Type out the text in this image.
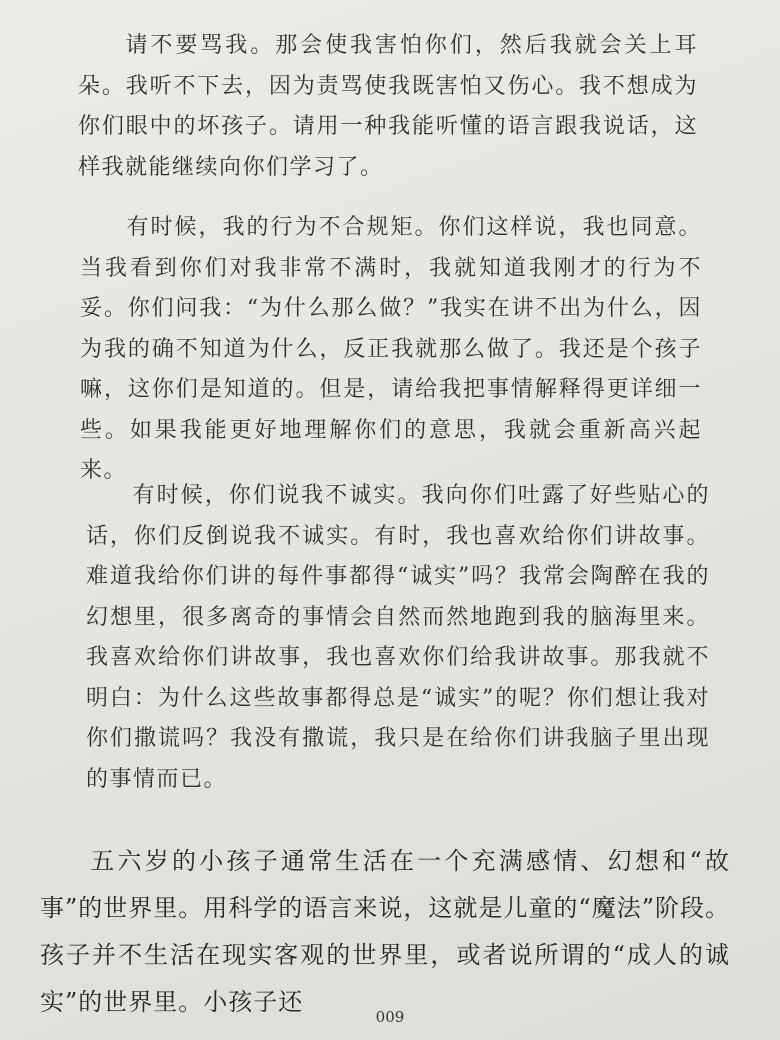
请不要骂我。那会使我害怕你们，然后我就会关上耳朵。我听不下去，因为责骂使我既害怕又伤心。我不想成为你们眼中的坏孩子。请用一种我能听懂的语言跟我说话，这样我就能继续向你们学习了。
有时候，我的行为不合规矩。你们这样说，我也同意。当我看到你们对我非常不满时，我就知道我刚才的行为不妥。你们问我：“为什么那么做？”我实在讲不出为什么，因为我的确不知道为什么，反正我就那么做了。我还是个孩子嘛，这你们是知道的。但是，请给我把事情解释得更详细一些。如果我能更好地理解你们的意思，我就会重新高兴起来。
有时候，你们说我不诚实。我向你们吐露了好些贴心的话，你们反倒说我不诚实。有时，我也喜欢给你们讲故事。难道我给你们讲的每件事都得“诚实”吗？我常会陶醉在我的幻想里，很多离奇的事情会自然而然地跑到我的脑海里来。我喜欢给你们讲故事，我也喜欢你们给我讲故事。那我就不明白：为什么这些故事都得总是“诚实”的呢？你们想让我对你们撒谎吗？我没有撒谎，我只是在给你们讲我脑子里出现的事情而已。
五六岁的小孩子通常生活在一个充满感情、幻想和“故事”的世界里。用科学的语言来说，这就是儿童的“魔法”阶段。孩子并不生活在现实客观的世界里，或者说所谓的“成人的诚实”的世界里。小孩子还
009
